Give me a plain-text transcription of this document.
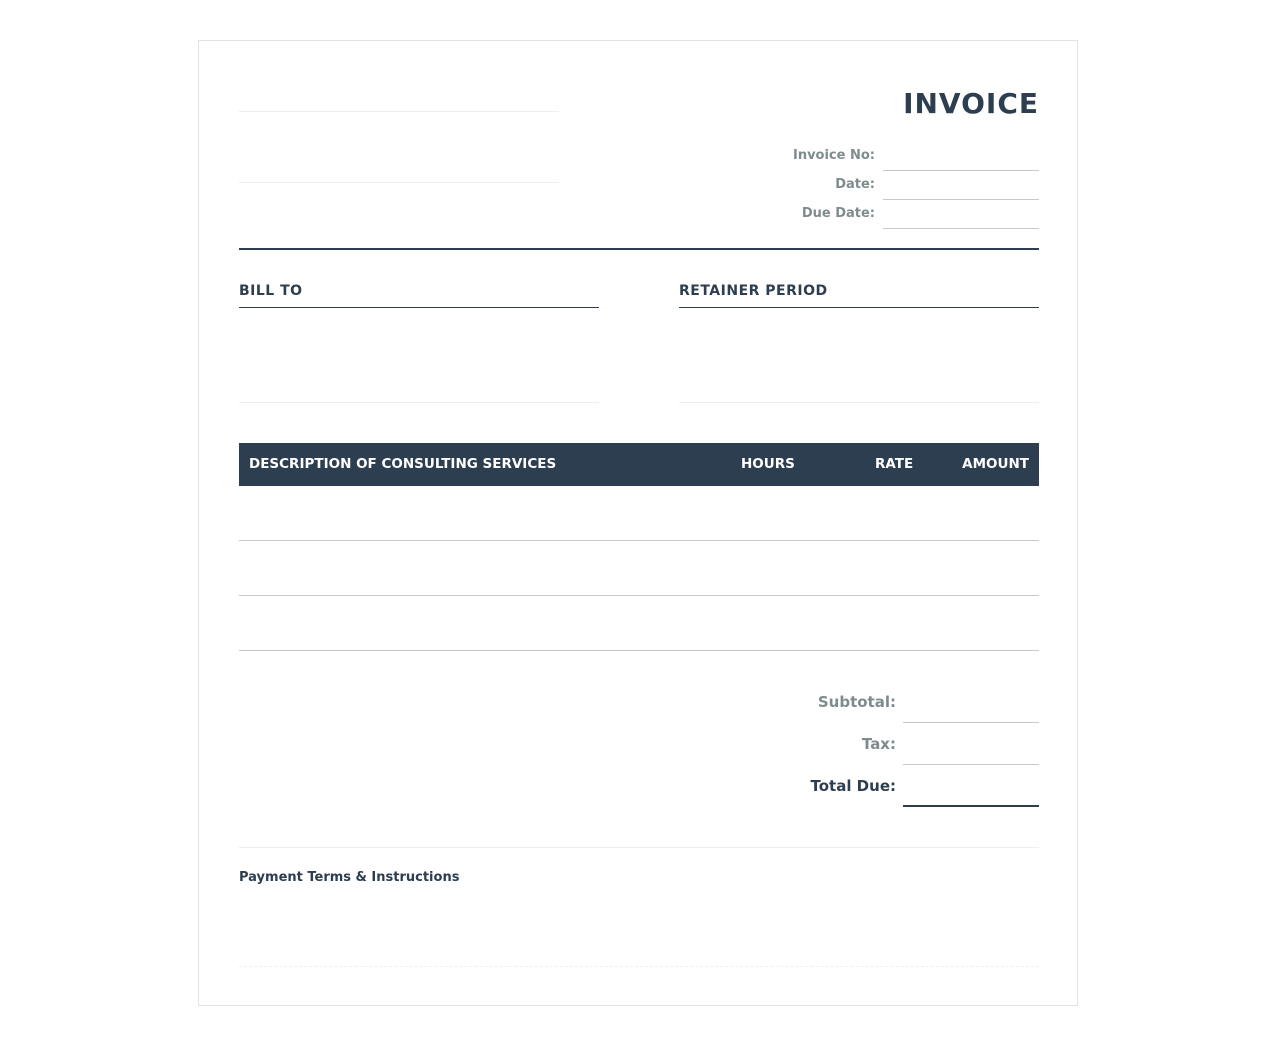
INVOICE
Invoice No:
Date:
Due Date:
BILL TO	RETAINER PERIOD
DESCRIPTION OF CONSULTING SERVICES	HOURS	RATE	AMOUNT
Subtotal:
Tax:
Total Due:
Payment Terms & Instructions
